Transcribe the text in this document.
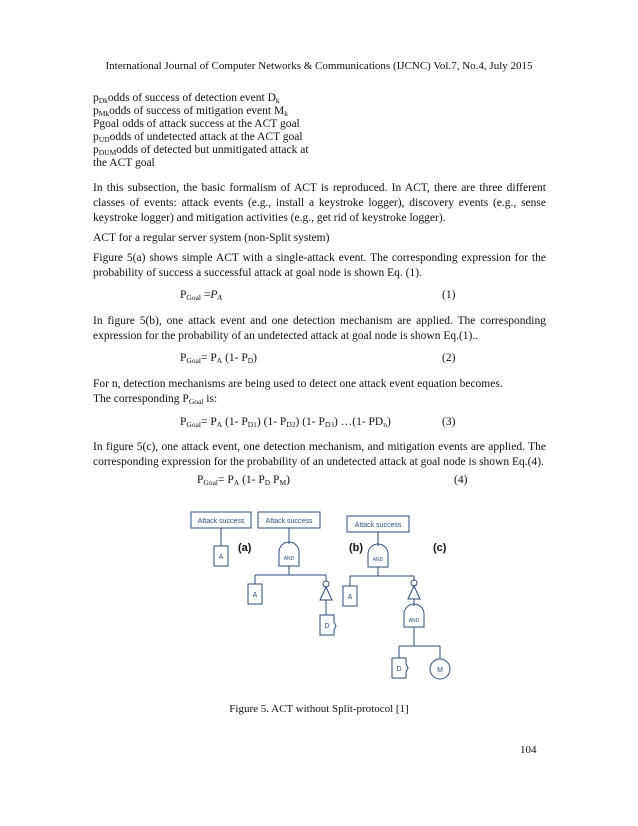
International Journal of Computer Networks & Communications (IJCNC) Vol.7, No.4, July 2015
$p_{Dk}odds$ of success of detection event $D_k$
$p_{Mk}odds$ of success of mitigation event $M_k$
Pgoal odds of attack success at the ACT goal
$p_{UD}odds$ of undetected attack at the ACT goal
$p_{DUM}odds$ of detected but unmitigated attack at
the ACT goal
In this subsection, the basic formalism of ACT is reproduced. In ACT, there are three different classes of events: attack events (e.g., install a keystroke logger), discovery events (e.g., sense keystroke logger) and mitigation activities (e.g., get rid of keystroke logger).
ACT for a regular server system (non-Split system)
Figure 5(a) shows simple ACT with a single-attack event. The corresponding expression for the probability of success a successful attack at goal node is shown Eq. (1).
$P_{Goal} =P_A$	(1)
In figure 5(b), one attack event and one detection mechanism are applied. The corresponding expression for the probability of an undetected attack at goal node is shown Eq.(1)..
$P_{Goal}= P_A$ (1- $P_D$)	(2)
For n, detection mechanisms are being used to detect one attack event equation becomes.
The corresponding $P_{Goal}$ is:
$P_{Goal}= P_A$ (1- $P_{D1}$) (1- $P_{D2}$) (1- $P_{D3}$) …(1- $PD_n$)	(3)
In figure 5(c), one attack event, one detection mechanism, and mitigation events are applied. The corresponding expression for the probability of an undetected attack at goal node is shown Eq.(4).
$P_{Goal}= P_A$ (1- $P_D$ $P_M$)	(4)
Attack success	Attack success
Attack success
A	AND
A
D
AND
A
AND
D	M
(a)	(b)	(c)
Figure 5. ACT without Split-protocol [1]
104
